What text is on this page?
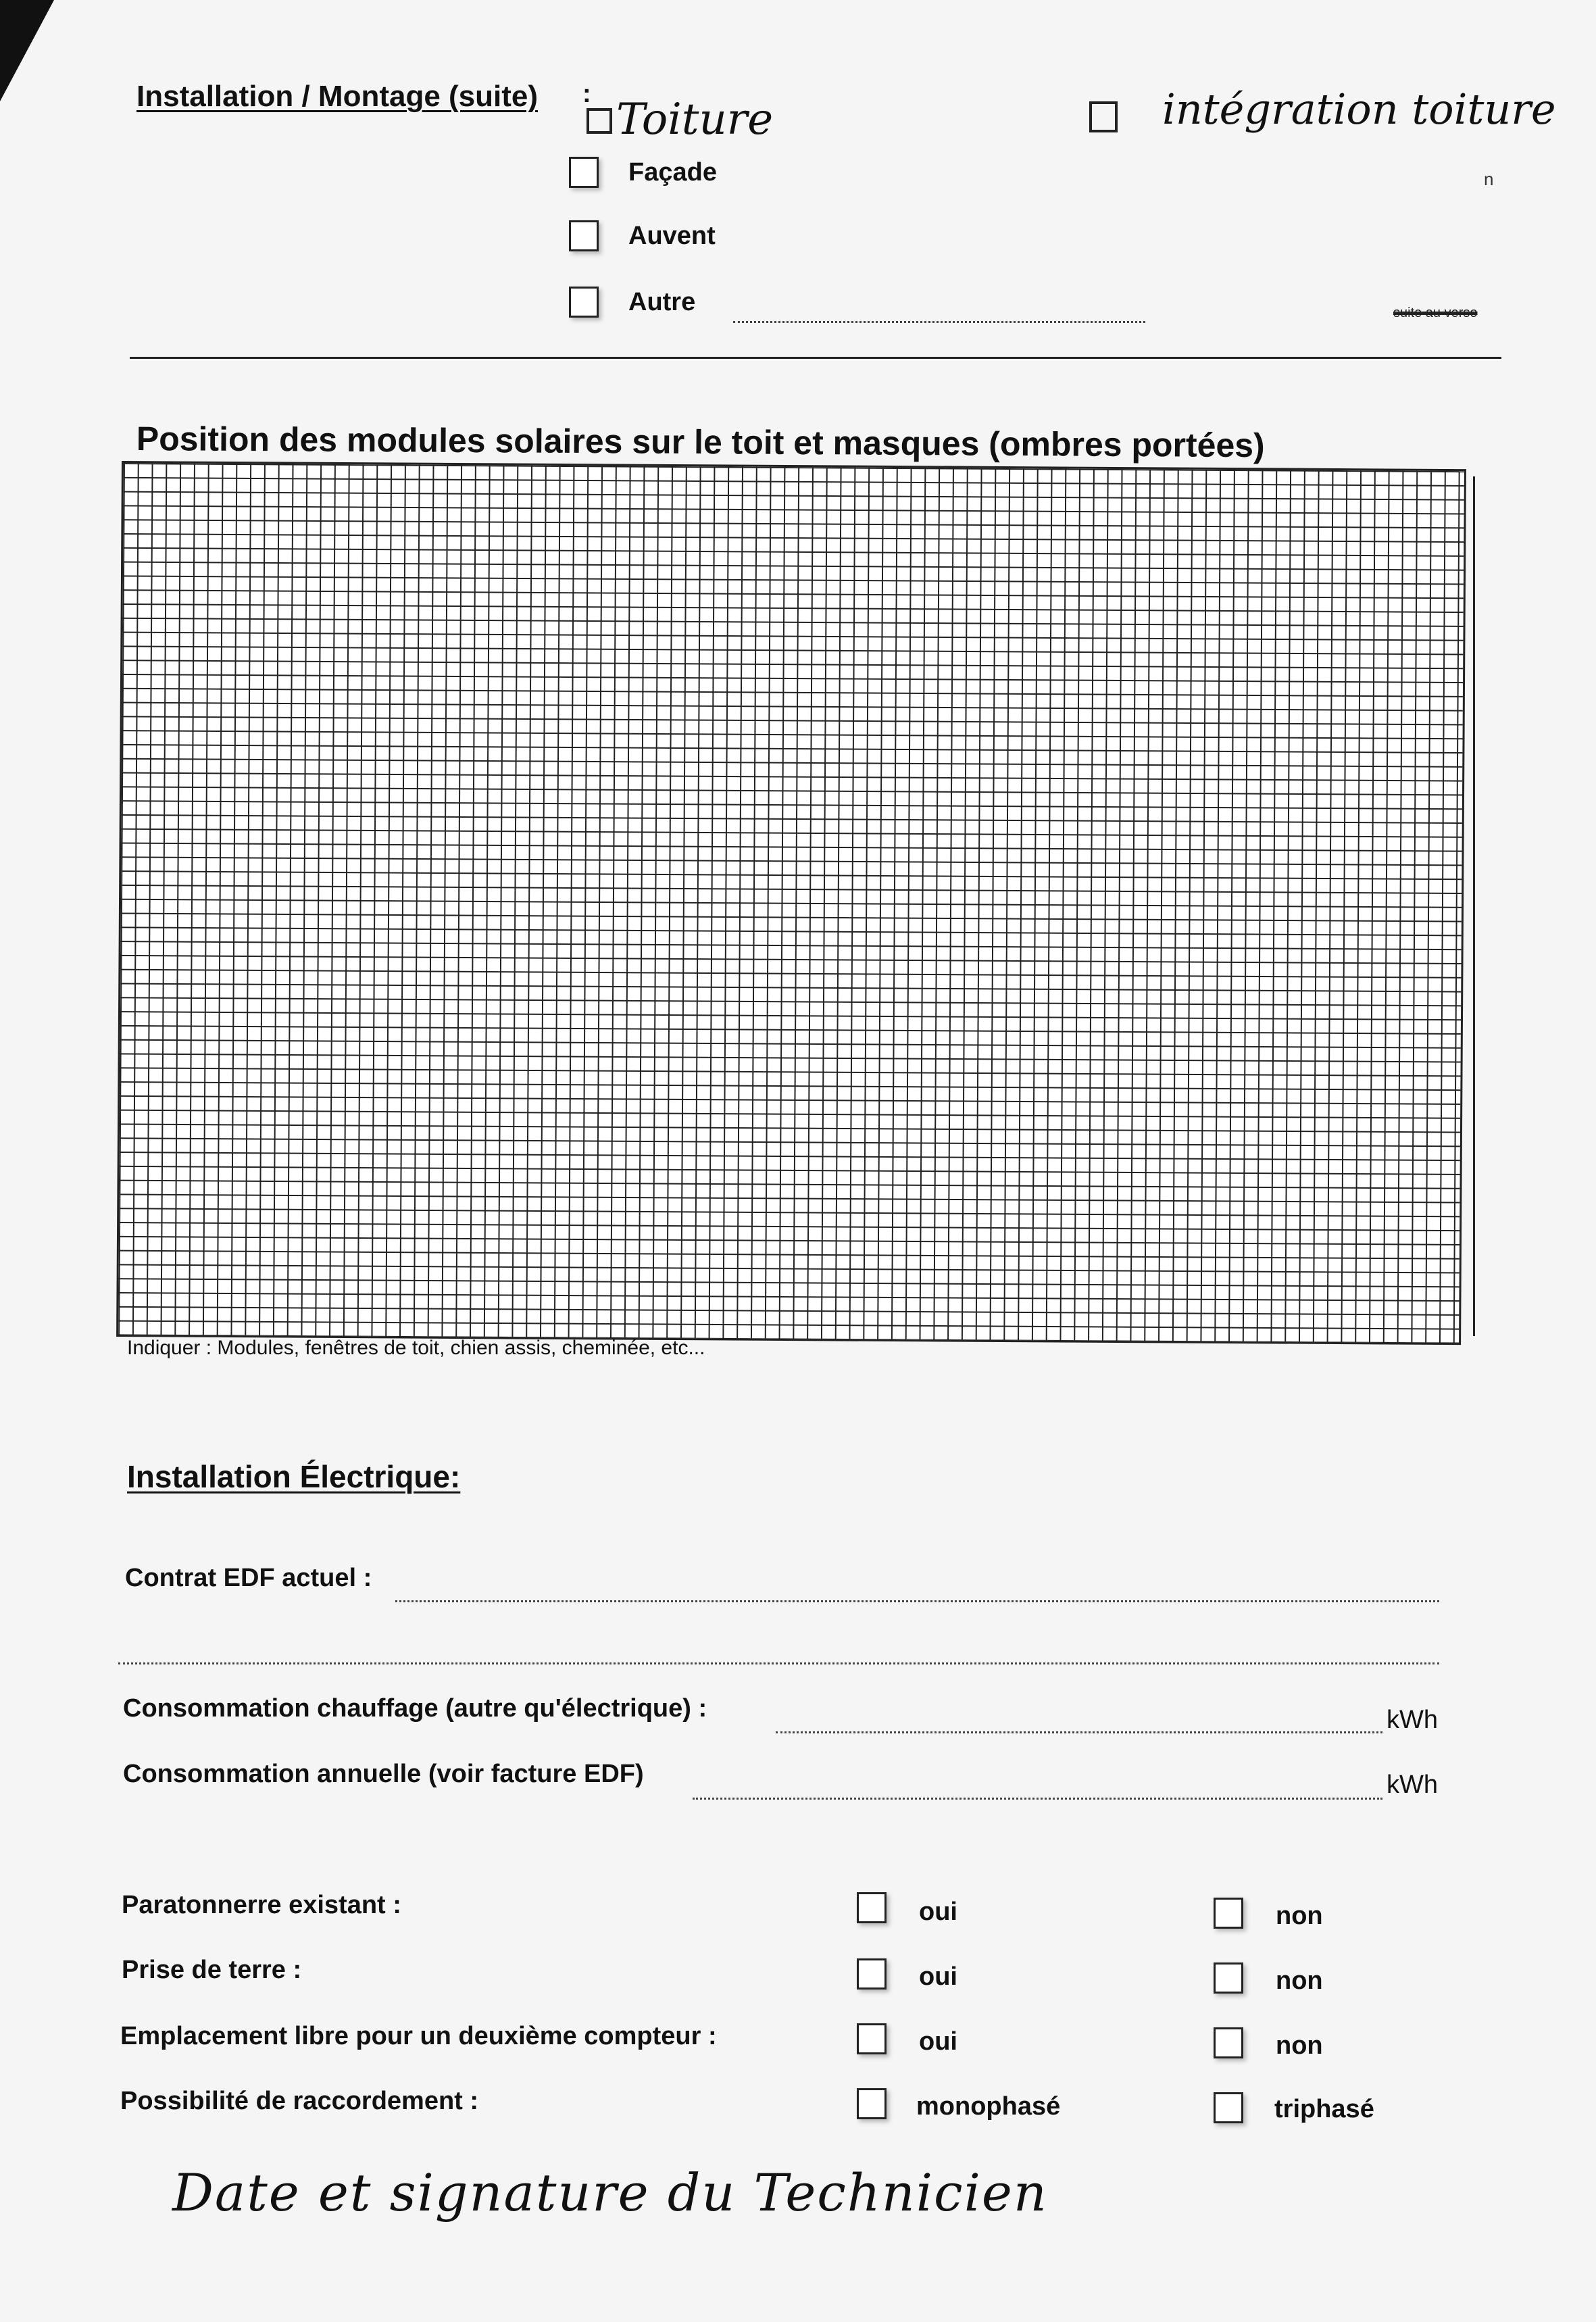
Installation / Montage (suite) :
Toiture	intégration toiture
Façade
Auvent
Autre
n
suite au verso
Position des modules solaires sur le toit et masques (ombres portées)
Indiquer : Modules, fenêtres de toit, chien assis, cheminée, etc...
Installation Électrique:
Contrat EDF actuel :
Consommation chauffage (autre qu'électrique) :	kWh
Consommation annuelle (voir facture EDF)	kWh
Paratonnerre existant :	oui	non
Prise de terre :	oui	non
Emplacement libre pour un deuxième compteur :	oui	non
Possibilité de raccordement :	monophasé	triphasé
Date et signature du Technicien
